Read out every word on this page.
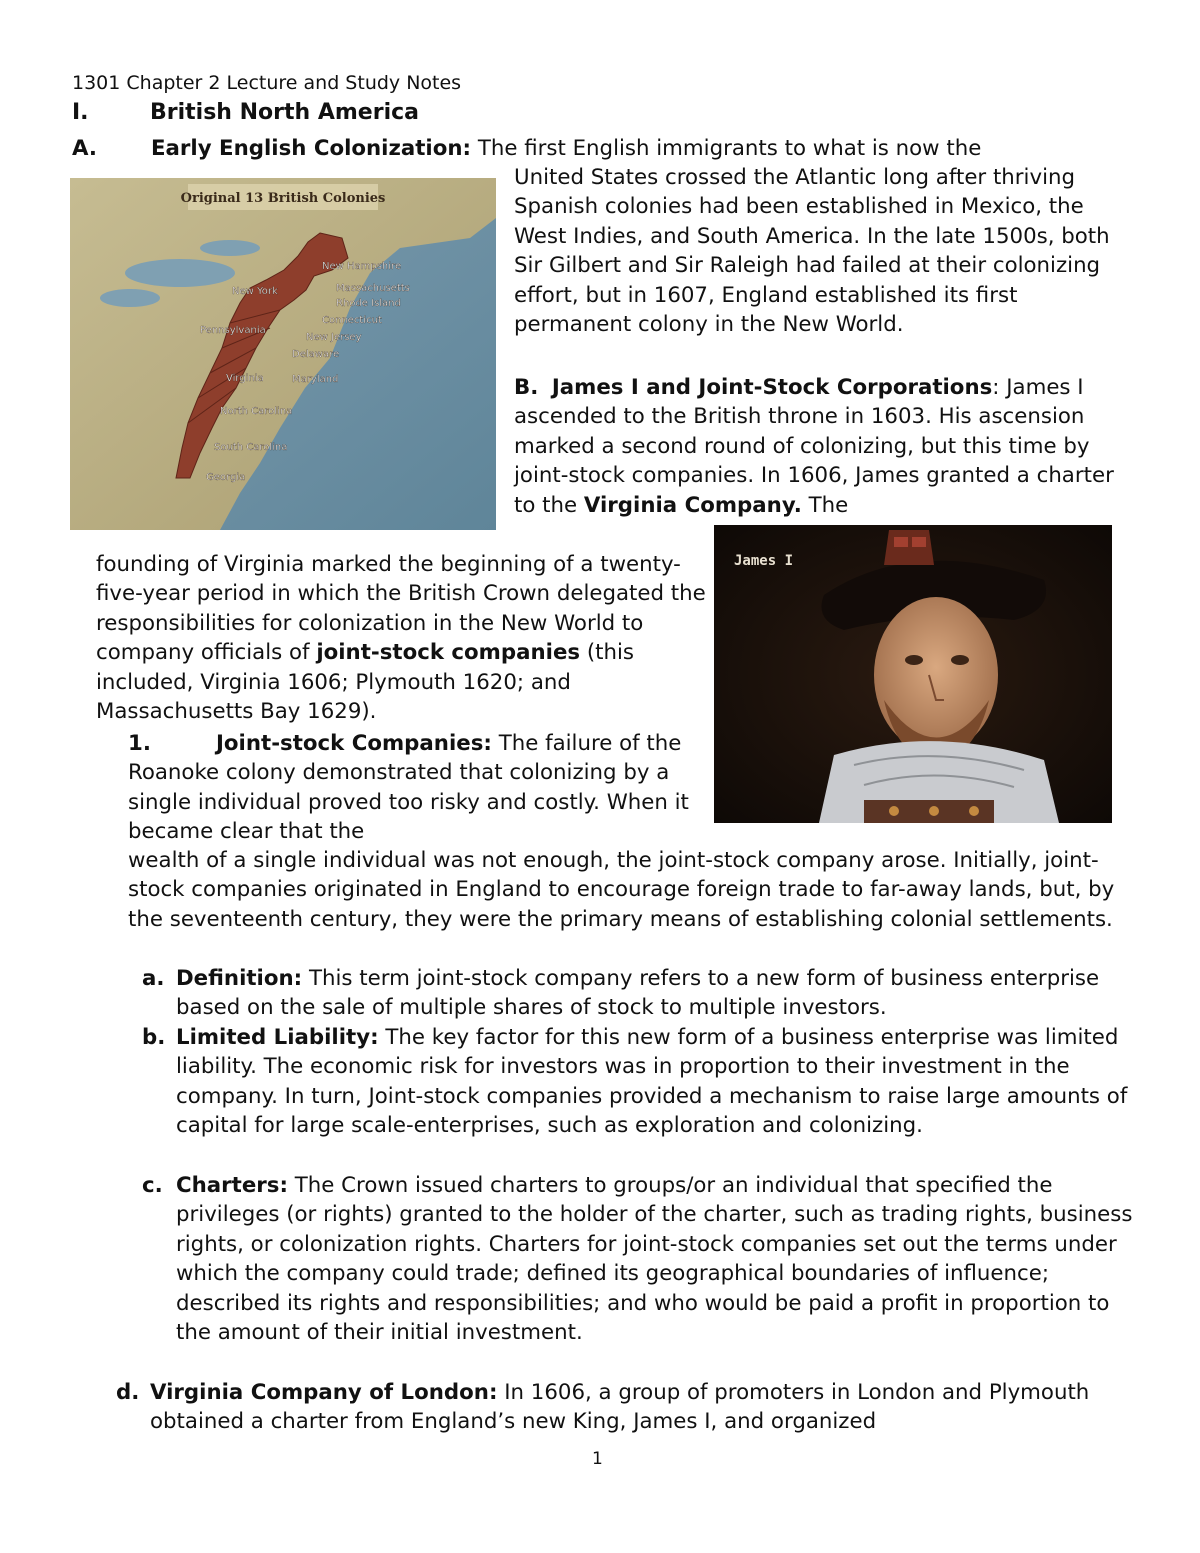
1301 Chapter 2 Lecture and Study Notes
I.	British North America

A.	Early English Colonization: The first English immigrants to what is now the

United States crossed the Atlantic long after thriving Spanish colonies had been established in Mexico, the West Indies, and South America. In the late 1500s, both Sir Gilbert and Sir Raleigh had failed at their colonizing effort, but in 1607, England established its first permanent colony in the New World.

Original 13 British Colonies
New Hampshire
New York	Massachusetts
Rhode Island
Connecticut
Pennsylvania
New Jersey
Delaware
Virginia	Maryland
North Carolina
South Carolina
Georgia

B. James I and Joint-Stock Corporations: James I ascended to the British throne in 1603. His ascension marked a second round of colonizing, but this time by joint-stock companies. In 1606, James granted a charter to the Virginia Company. The

founding of Virginia marked the beginning of a twenty-five-year period in which the British Crown delegated the responsibilities for colonization in the New World to company officials of joint-stock companies (this included, Virginia 1606; Plymouth 1620; and Massachusetts Bay 1629).

James I

1.	Joint-stock Companies: The failure of the Roanoke colony demonstrated that colonizing by a single individual proved too risky and costly. When it became clear that the

wealth of a single individual was not enough, the joint-stock company arose. Initially, joint-stock companies originated in England to encourage foreign trade to far-away lands, but, by the seventeenth century, they were the primary means of establishing colonial settlements.

a. Definition: This term joint-stock company refers to a new form of business enterprise based on the sale of multiple shares of stock to multiple investors.
b. Limited Liability: The key factor for this new form of a business enterprise was limited liability. The economic risk for investors was in proportion to their investment in the company. In turn, Joint-stock companies provided a mechanism to raise large amounts of capital for large scale-enterprises, such as exploration and colonizing.
c. Charters: The Crown issued charters to groups/or an individual that specified the privileges (or rights) granted to the holder of the charter, such as trading rights, business rights, or colonization rights. Charters for joint-stock companies set out the terms under which the company could trade; defined its geographical boundaries of influence; described its rights and responsibilities; and who would be paid a profit in proportion to the amount of their initial investment.
d. Virginia Company of London: In 1606, a group of promoters in London and Plymouth obtained a charter from England’s new King, James I, and organized
1
